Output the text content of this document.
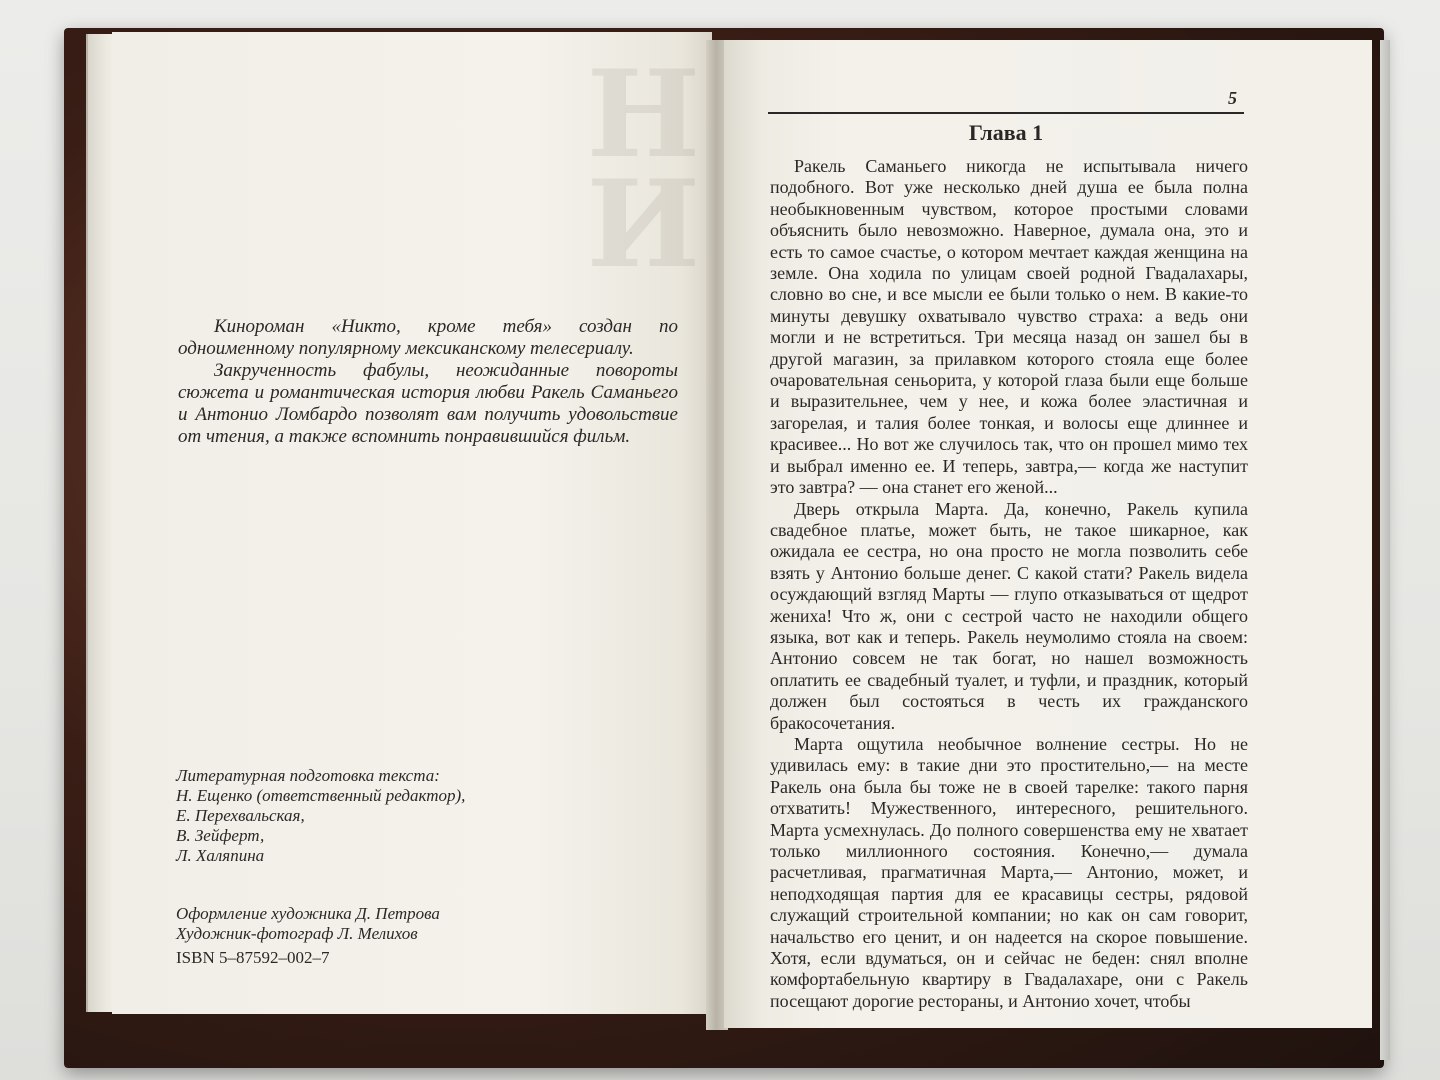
Н
И

Кинороман «Никто, кроме тебя» создан по одноименному популярному мексиканскому телесериалу.

Закрученность фабулы, неожиданные повороты сюжета и романтическая история любви Ракель Саманьего и Антонио Ломбардо позволят вам получить удовольствие от чтения, а также вспомнить понравившийся фильм.

Литературная подготовка текста:
Н. Ещенко (ответственный редактор),
Е. Перехвальская,
В. Зейферт,
Л. Халяпина
Оформление художника Д. Петрова
Художник-фотограф Л. Мелихов
ISBN 5–87592–002–7
5
Глава 1

Ракель Саманьего никогда не испытывала ничего подобного. Вот уже несколько дней душа ее была полна необыкновенным чувством, которое простыми словами объяснить было невозможно. Наверное, думала она, это и есть то самое счастье, о котором мечтает каждая женщина на земле. Она ходила по улицам своей родной Гвадалахары, словно во сне, и все мысли ее были только о нем. В какие-то минуты девушку охватывало чувство страха: а ведь они могли и не встретиться. Три месяца назад он зашел бы в другой магазин, за прилавком которого стояла еще более очаровательная сеньорита, у которой глаза были еще больше и выразительнее, чем у нее, и кожа более эластичная и загорелая, и талия более тонкая, и волосы еще длиннее и красивее... Но вот же случилось так, что он прошел мимо тех и выбрал именно ее. И теперь, завтра,— когда же наступит это завтра? — она станет его женой...

Дверь открыла Марта. Да, конечно, Ракель купила свадебное платье, может быть, не такое шикарное, как ожидала ее сестра, но она просто не могла позволить себе взять у Антонио больше денег. С какой стати? Ракель видела осуждающий взгляд Марты — глупо отказываться от щедрот жениха! Что ж, они с сестрой часто не находили общего языка, вот как и теперь. Ракель неумолимо стояла на своем: Антонио совсем не так богат, но нашел возможность оплатить ее свадебный туалет, и туфли, и праздник, который должен был состояться в честь их гражданского бракосочетания.

Марта ощутила необычное волнение сестры. Но не удивилась ему: в такие дни это простительно,— на месте Ракель она была бы тоже не в своей тарелке: такого парня отхватить! Мужественного, интересного, решительного. Марта усмехнулась. До полного совершенства ему не хватает только миллионного состояния. Конечно,— думала расчетливая, прагматичная Марта,— Антонио, может, и неподходящая партия для ее красавицы сестры, рядовой служащий строительной компании; но как он сам говорит, начальство его ценит, и он надеется на скорое повышение. Хотя, если вдуматься, он и сейчас не беден: снял вполне комфортабельную квартиру в Гвадалахаре, они с Ракель посещают дорогие рестораны, и Антонио хочет, чтобы
